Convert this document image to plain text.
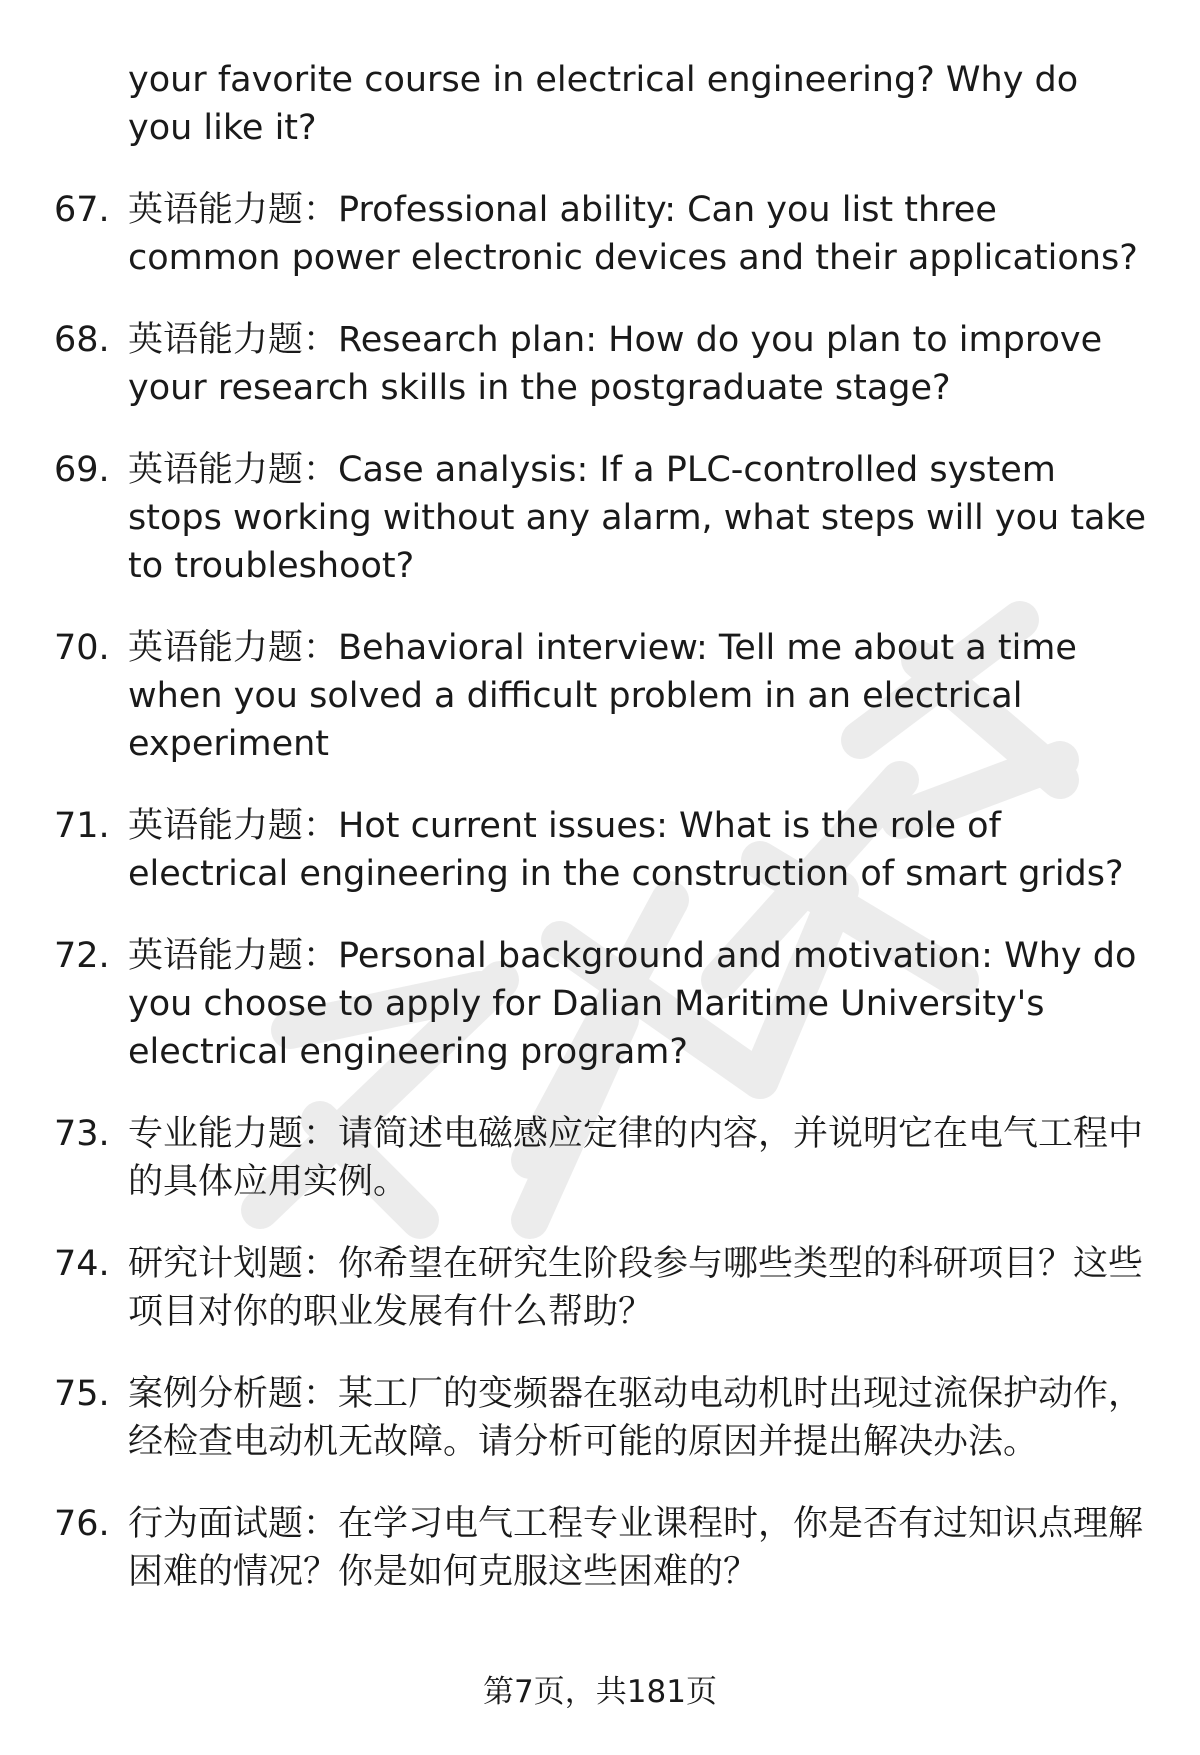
your favorite course in electrical engineering? Why do you like it?
67. 英语能力题：Professional ability: Can you list three common power electronic devices and their applications?
68. 英语能力题：Research plan: How do you plan to improve your research skills in the postgraduate stage?
69. 英语能力题：Case analysis: If a PLC-controlled system stops working without any alarm, what steps will you take to troubleshoot?
70. 英语能力题：Behavioral interview: Tell me about a time when you solved a difficult problem in an electrical experiment
71. 英语能力题：Hot current issues: What is the role of electrical engineering in the construction of smart grids?
72. 英语能力题：Personal background and motivation: Why do you choose to apply for Dalian Maritime University's electrical engineering program?
73. 专业能力题：请简述电磁感应定律的内容，并说明它在电气工程中的具体应用实例。
74. 研究计划题：你希望在研究生阶段参与哪些类型的科研项目？这些项目对你的职业发展有什么帮助？
75. 案例分析题：某工厂的变频器在驱动电动机时出现过流保护动作，经检查电动机无故障。请分析可能的原因并提出解决办法。
76. 行为面试题：在学习电气工程专业课程时，你是否有过知识点理解困难的情况？你是如何克服这些困难的？
第7页，共181页
